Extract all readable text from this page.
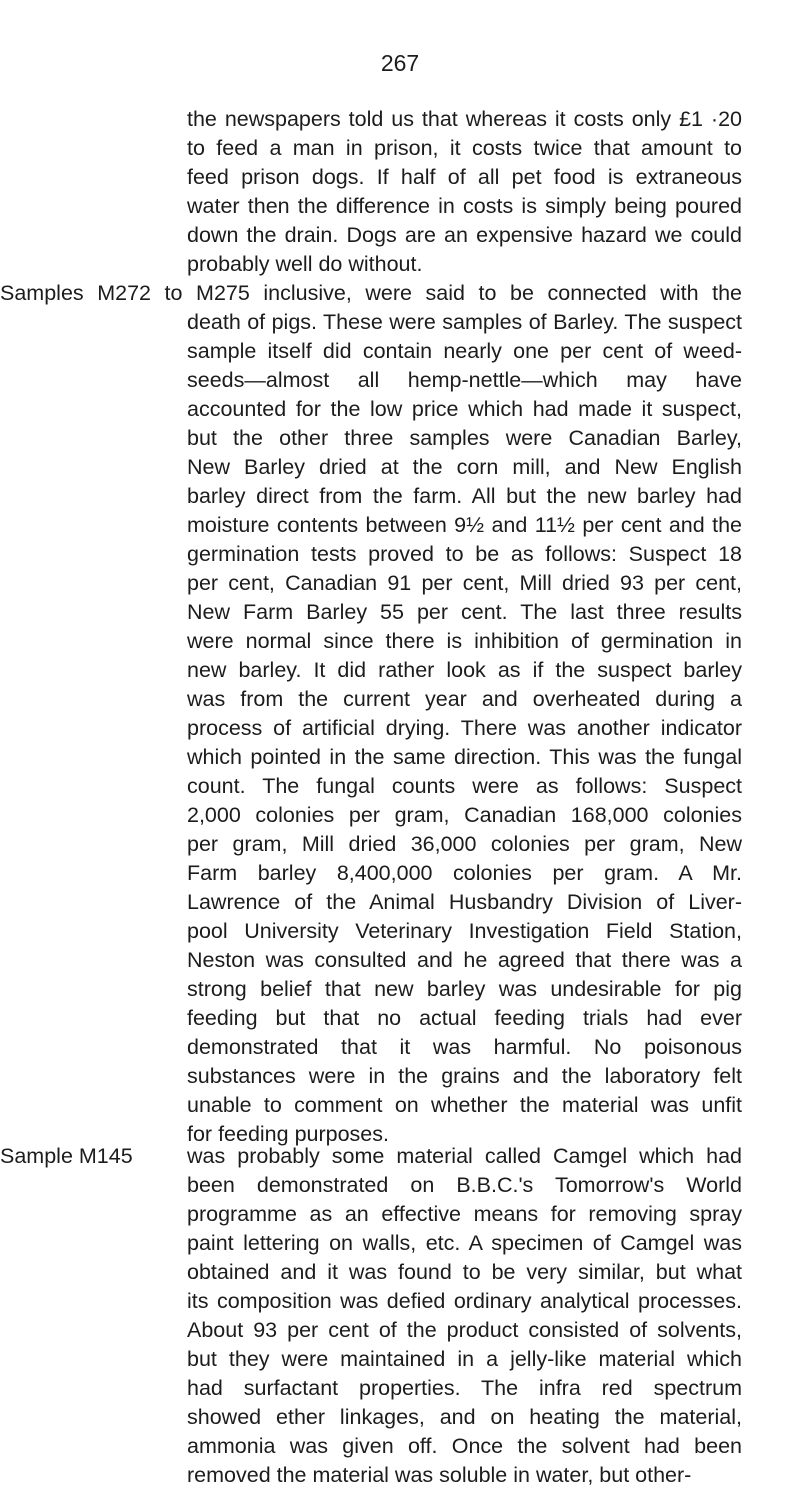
267
the newspapers told us that whereas it costs only £1 ·20
to feed a man in prison, it costs twice that amount to
feed prison dogs. If half of all pet food is extraneous
water then the difference in costs is simply being poured
down the drain. Dogs are an expensive hazard we could
probably well do without.
Samples M272 to M275 inclusive, were said to be connected with the
death of pigs. These were samples of Barley. The suspect
sample itself did contain nearly one per cent of weed-
seeds—almost all hemp-nettle—which may have
accounted for the low price which had made it suspect,
but the other three samples were Canadian Barley,
New Barley dried at the corn mill, and New English
barley direct from the farm. All but the new barley had
moisture contents between 9½ and 11½ per cent and the
germination tests proved to be as follows: Suspect 18
per cent, Canadian 91 per cent, Mill dried 93 per cent,
New Farm Barley 55 per cent. The last three results
were normal since there is inhibition of germination in
new barley. It did rather look as if the suspect barley
was from the current year and overheated during a
process of artificial drying. There was another indicator
which pointed in the same direction. This was the fungal
count. The fungal counts were as follows: Suspect
2,000 colonies per gram, Canadian 168,000 colonies
per gram, Mill dried 36,000 colonies per gram, New
Farm barley 8,400,000 colonies per gram. A Mr.
Lawrence of the Animal Husbandry Division of Liver-
pool University Veterinary Investigation Field Station,
Neston was consulted and he agreed that there was a
strong belief that new barley was undesirable for pig
feeding but that no actual feeding trials had ever
demonstrated that it was harmful. No poisonous
substances were in the grains and the laboratory felt
unable to comment on whether the material was unfit
for feeding purposes.
Sample M145	was probably some material called Camgel which had
been demonstrated on B.B.C.'s Tomorrow's World
programme as an effective means for removing spray
paint lettering on walls, etc. A specimen of Camgel was
obtained and it was found to be very similar, but what
its composition was defied ordinary analytical processes.
About 93 per cent of the product consisted of solvents,
but they were maintained in a jelly-like material which
had surfactant properties. The infra red spectrum
showed ether linkages, and on heating the material,
ammonia was given off. Once the solvent had been
removed the material was soluble in water, but other-
